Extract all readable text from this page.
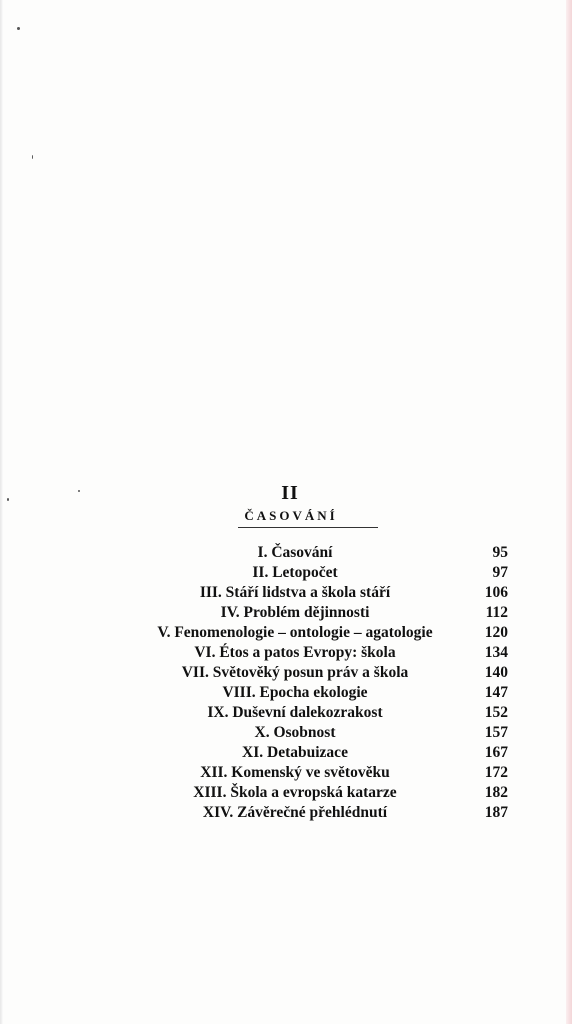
II
ČASOVÁNÍ
I. Časování	95
II. Letopočet	97
III. Stáří lidstva a škola stáří	106
IV. Problém dějinnosti	112
V. Fenomenologie – ontologie – agatologie	120
VI. Étos a patos Evropy: škola	134
VII. Světověký posun práv a škola	140
VIII. Epocha ekologie	147
IX. Duševní dalekozrakost	152
X. Osobnost	157
XI. Detabuizace	167
XII. Komenský ve světověku	172
XIII. Škola a evropská katarze	182
XIV. Závěrečné přehlédnutí	187
